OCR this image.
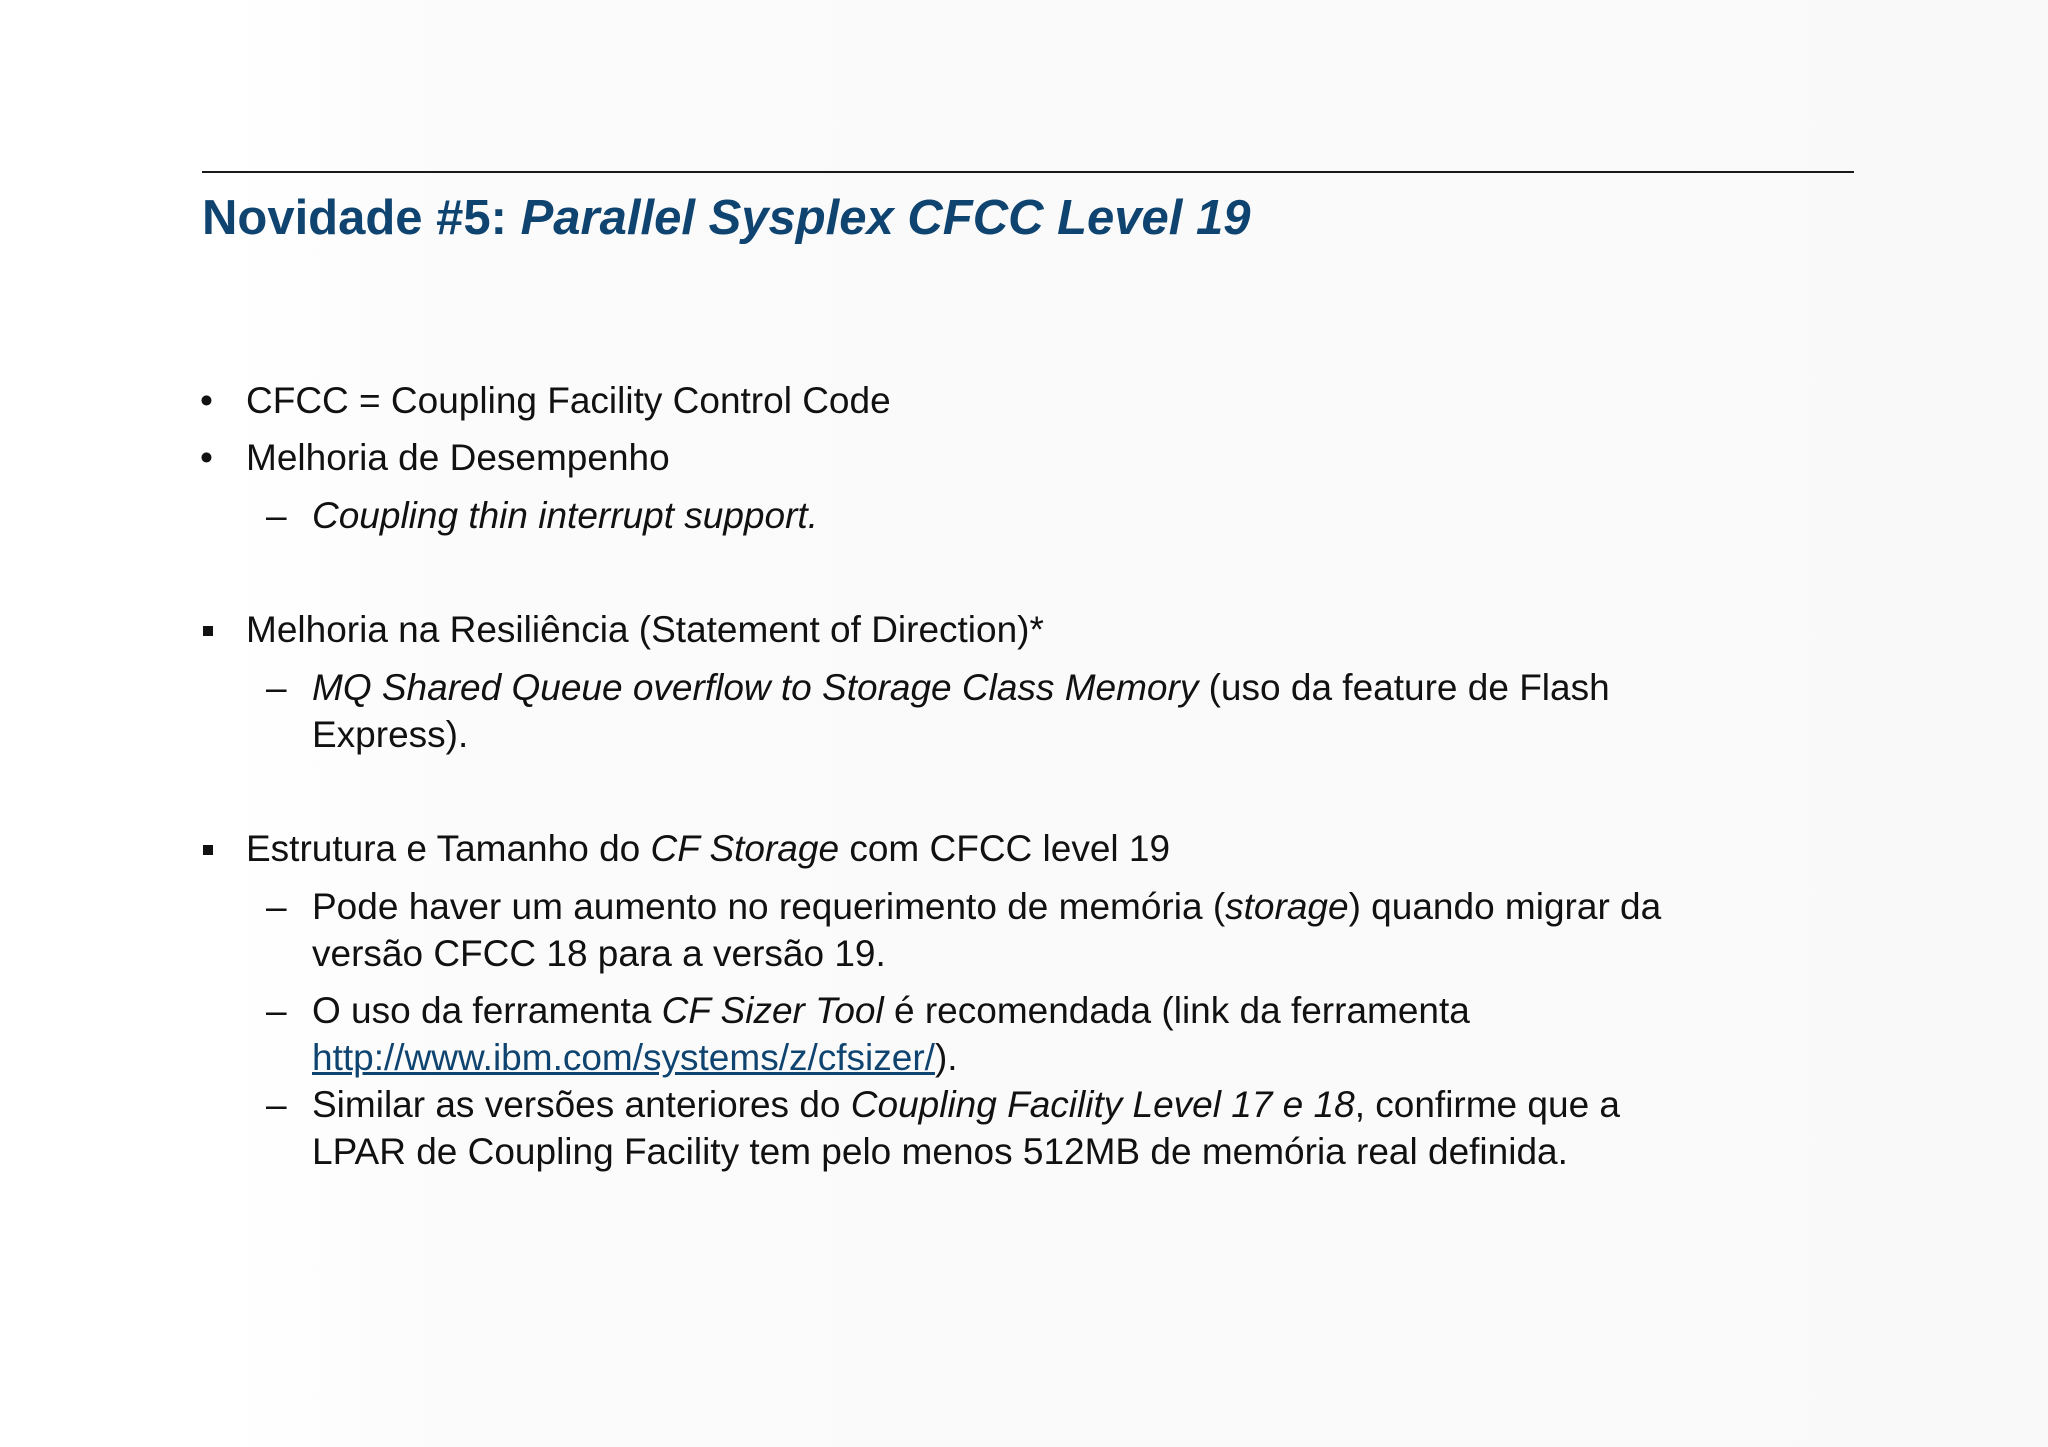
Novidade #5: Parallel Sysplex CFCC Level 19
• CFCC = Coupling Facility Control Code
• Melhoria de Desempenho
– Coupling thin interrupt support.
Melhoria na Resiliência (Statement of Direction)*
– MQ Shared Queue overflow to Storage Class Memory (uso da feature de Flash
Express).
Estrutura e Tamanho do CF Storage com CFCC level 19
– Pode haver um aumento no requerimento de memória (storage) quando migrar da
versão CFCC 18 para a versão 19.
– O uso da ferramenta CF Sizer Tool é recomendada (link da ferramenta
http://www.ibm.com/systems/z/cfsizer/).
– Similar as versões anteriores do Coupling Facility Level 17 e 18, confirme que a
LPAR de Coupling Facility tem pelo menos 512MB de memória real definida.
